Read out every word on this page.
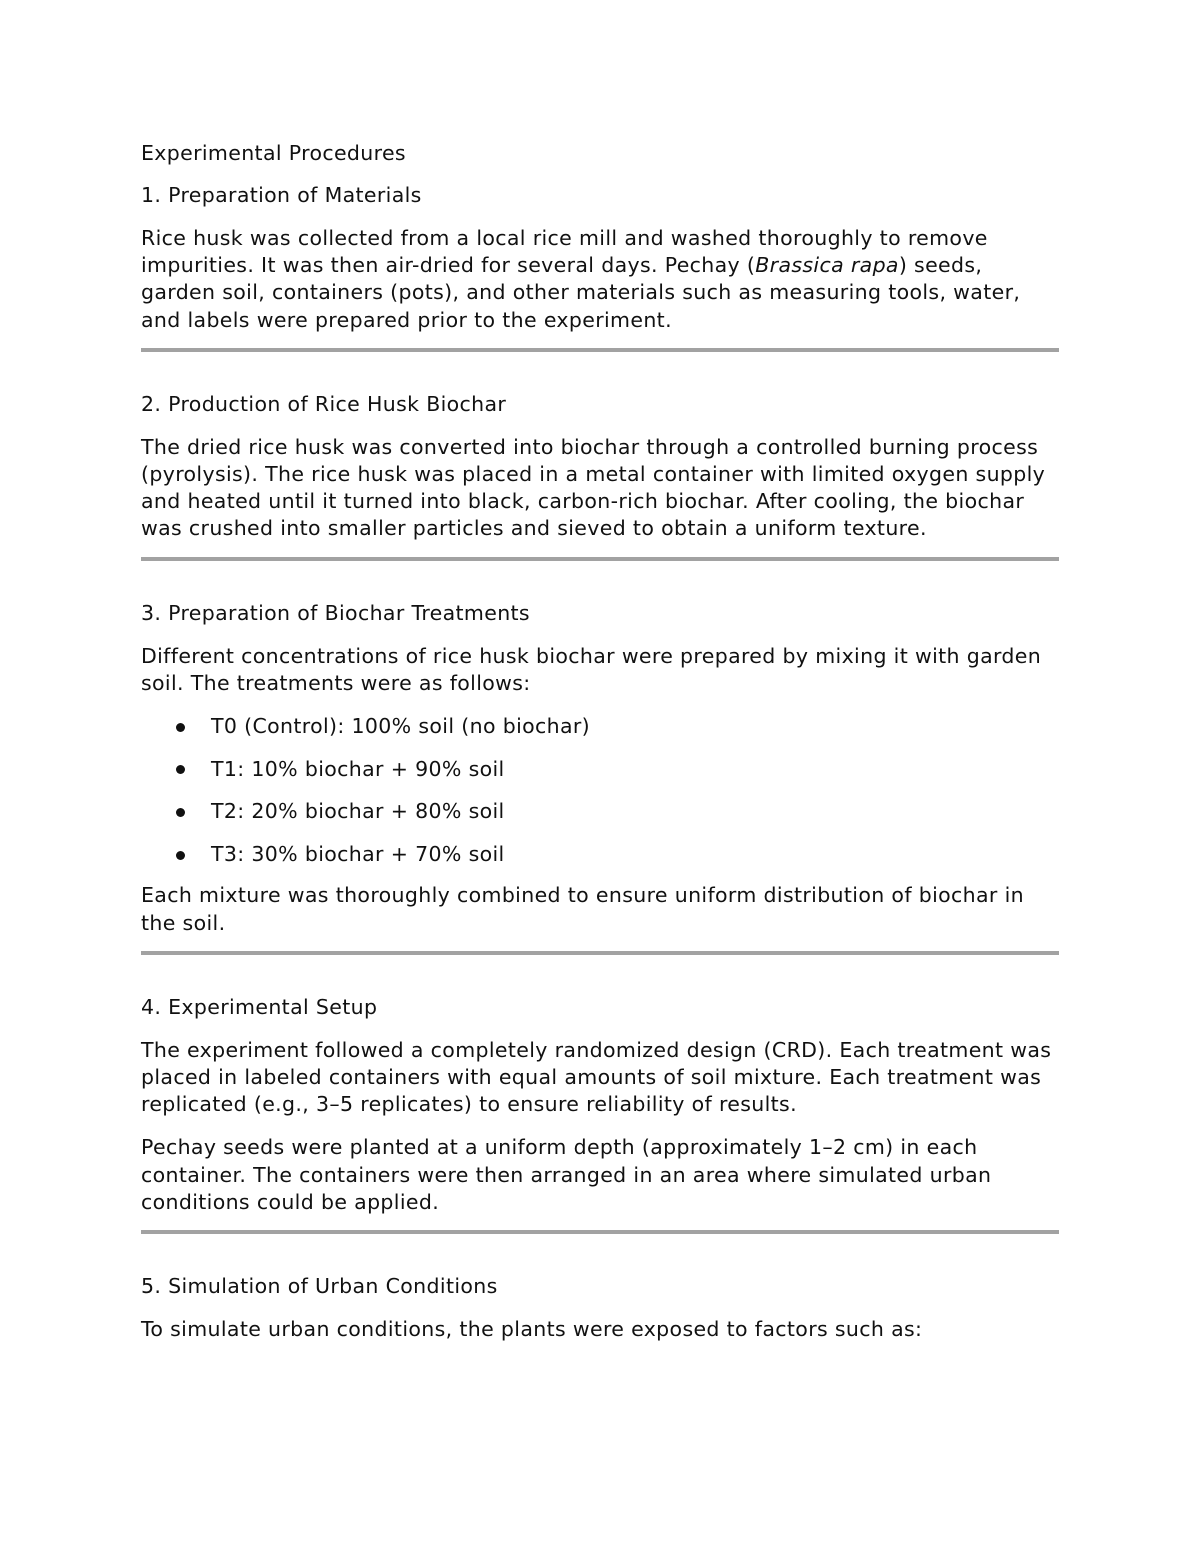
Experimental Procedures

1. Preparation of Materials

Rice husk was collected from a local rice mill and washed thoroughly to remove impurities. It was then air-dried for several days. Pechay (Brassica rapa) seeds, garden soil, containers (pots), and other materials such as measuring tools, water, and labels were prepared prior to the experiment.

2. Production of Rice Husk Biochar

The dried rice husk was converted into biochar through a controlled burning process (pyrolysis). The rice husk was placed in a metal container with limited oxygen supply and heated until it turned into black, carbon-rich biochar. After cooling, the biochar was crushed into smaller particles and sieved to obtain a uniform texture.

3. Preparation of Biochar Treatments

Different concentrations of rice husk biochar were prepared by mixing it with garden soil. The treatments were as follows:

T0 (Control): 100% soil (no biochar)
T1: 10% biochar + 90% soil
T2: 20% biochar + 80% soil
T3: 30% biochar + 70% soil

Each mixture was thoroughly combined to ensure uniform distribution of biochar in the soil.

4. Experimental Setup

The experiment followed a completely randomized design (CRD). Each treatment was placed in labeled containers with equal amounts of soil mixture. Each treatment was replicated (e.g., 3–5 replicates) to ensure reliability of results.

Pechay seeds were planted at a uniform depth (approximately 1–2 cm) in each container. The containers were then arranged in an area where simulated urban conditions could be applied.

5. Simulation of Urban Conditions

To simulate urban conditions, the plants were exposed to factors such as:
